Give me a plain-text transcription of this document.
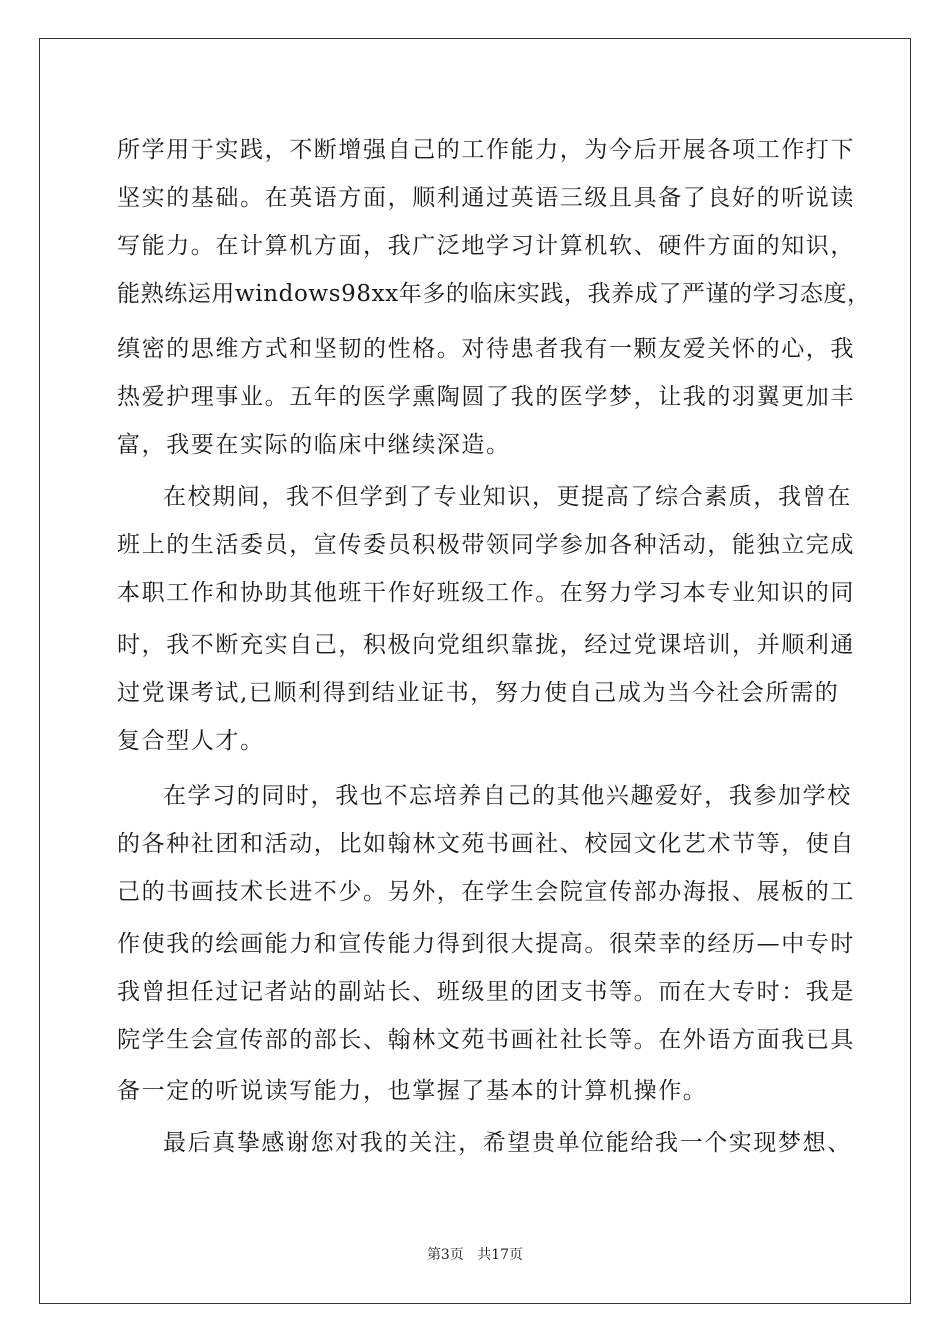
所学用于实践，不断增强自己的工作能力，为今后开展各项工作打下
坚实的基础。在英语方面，顺利通过英语三级且具备了良好的听说读
写能力。在计算机方面，我广泛地学习计算机软、硬件方面的知识，
能熟练运用windows98xx年多的临床实践，我养成了严谨的学习态度，
缜密的思维方式和坚韧的性格。对待患者我有一颗友爱关怀的心，我
热爱护理事业。五年的医学熏陶圆了我的医学梦，让我的羽翼更加丰
富，我要在实际的临床中继续深造。
在校期间，我不但学到了专业知识，更提高了综合素质，我曾在
班上的生活委员，宣传委员积极带领同学参加各种活动，能独立完成
本职工作和协助其他班干作好班级工作。在努力学习本专业知识的同
时，我不断充实自己，积极向党组织靠拢，经过党课培训，并顺利通
过党课考试,已顺利得到结业证书，努力使自己成为当今社会所需的
复合型人才。
在学习的同时，我也不忘培养自己的其他兴趣爱好，我参加学校
的各种社团和活动，比如翰林文苑书画社、校园文化艺术节等，使自
己的书画技术长进不少。另外，在学生会院宣传部办海报、展板的工
作使我的绘画能力和宣传能力得到很大提高。很荣幸的经历—中专时
我曾担任过记者站的副站长、班级里的团支书等。而在大专时：我是
院学生会宣传部的部长、翰林文苑书画社社长等。在外语方面我已具
备一定的听说读写能力，也掌握了基本的计算机操作。
最后真挚感谢您对我的关注，希望贵单位能给我一个实现梦想、
第3页 共17页
